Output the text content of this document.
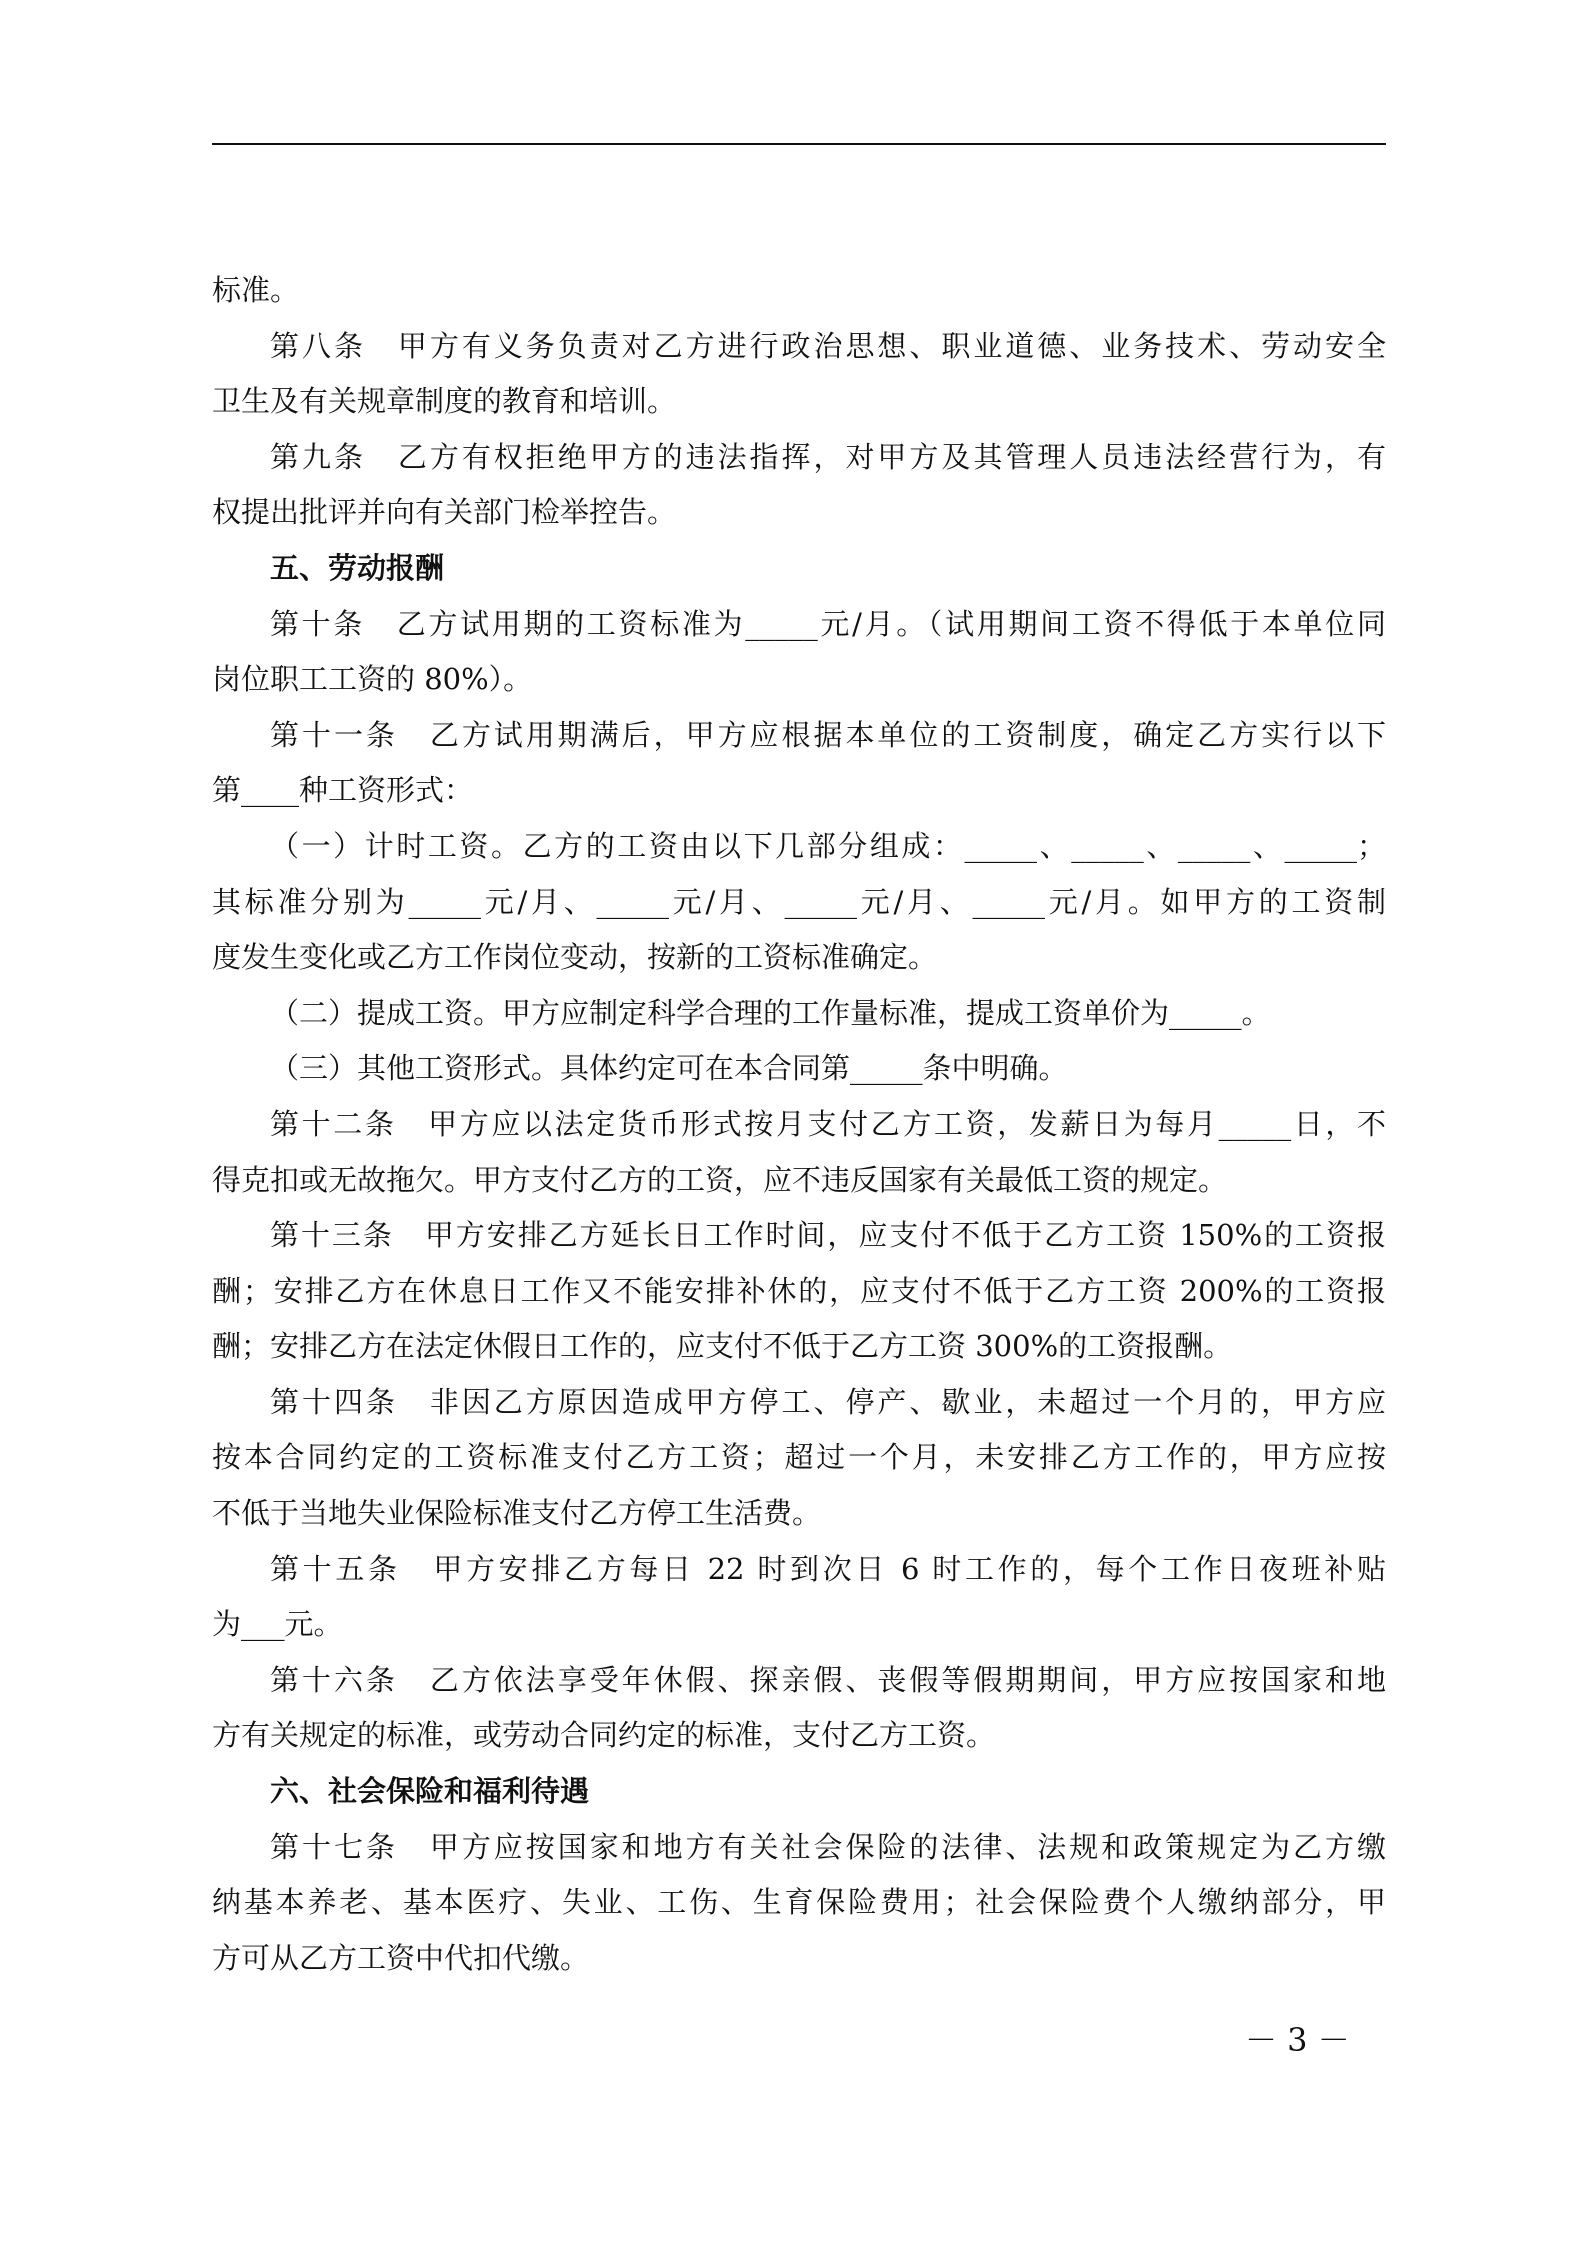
标准。
第八条　甲方有义务负责对乙方进行政治思想、职业道德、业务技术、劳动安全
卫生及有关规章制度的教育和培训。
第九条　乙方有权拒绝甲方的违法指挥，对甲方及其管理人员违法经营行为，有
权提出批评并向有关部门检举控告。
五、劳动报酬
第十条　乙方试用期的工资标准为_____元/月。（试用期间工资不得低于本单位同
岗位职工工资的 80%）。
第十一条　乙方试用期满后，甲方应根据本单位的工资制度，确定乙方实行以下
第____种工资形式：
（一）计时工资。乙方的工资由以下几部分组成：_____、_____、_____、_____；
其标准分别为_____元/月、_____元/月、_____元/月、_____元/月。如甲方的工资制
度发生变化或乙方工作岗位变动，按新的工资标准确定。
（二）提成工资。甲方应制定科学合理的工作量标准，提成工资单价为_____。
（三）其他工资形式。具体约定可在本合同第_____条中明确。
第十二条　甲方应以法定货币形式按月支付乙方工资，发薪日为每月_____日，不
得克扣或无故拖欠。甲方支付乙方的工资，应不违反国家有关最低工资的规定。
第十三条　甲方安排乙方延长日工作时间，应支付不低于乙方工资 150%的工资报
酬；安排乙方在休息日工作又不能安排补休的，应支付不低于乙方工资 200%的工资报
酬；安排乙方在法定休假日工作的，应支付不低于乙方工资 300%的工资报酬。
第十四条　非因乙方原因造成甲方停工、停产、歇业，未超过一个月的，甲方应
按本合同约定的工资标准支付乙方工资；超过一个月，未安排乙方工作的，甲方应按
不低于当地失业保险标准支付乙方停工生活费。
第十五条　甲方安排乙方每日 22 时到次日 6 时工作的，每个工作日夜班补贴
为___元。
第十六条　乙方依法享受年休假、探亲假、丧假等假期期间，甲方应按国家和地
方有关规定的标准，或劳动合同约定的标准，支付乙方工资。
六、社会保险和福利待遇
第十七条　甲方应按国家和地方有关社会保险的法律、法规和政策规定为乙方缴
纳基本养老、基本医疗、失业、工伤、生育保险费用；社会保险费个人缴纳部分，甲
方可从乙方工资中代扣代缴。
－ 3 －
